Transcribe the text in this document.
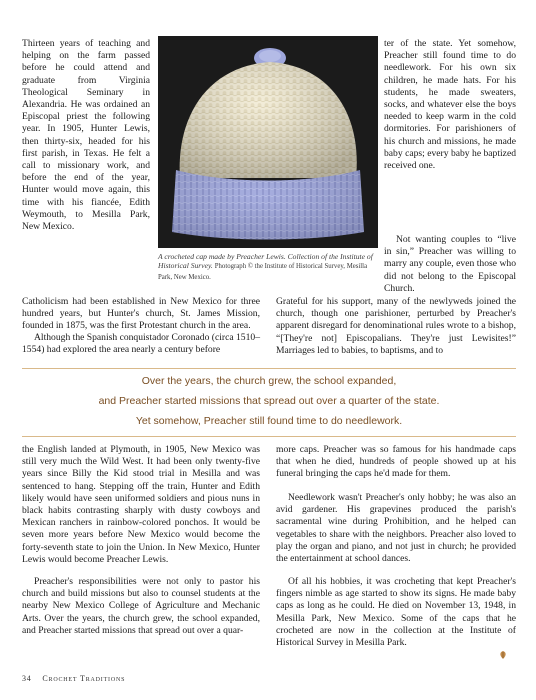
A crocheted cap made by Preacher Lewis. Collection of the Institute of Historical Survey. Photograph © the Institute of Historical Survey, Mesilla Park, New Mexico.

Thirteen years of teaching and helping on the farm passed before he could attend and graduate from Virginia Theological Seminary in Alexandria. He was ordained an Episcopal priest the following year. In 1905, Hunter Lewis, then thirty-six, headed for his first parish, in Texas. He felt a call to missionary work, and before the end of the year, Hunter would move again, this time with his fiancée, Edith Weymouth, to Mesilla Park, New Mexico.

Catholicism had been established in New Mexico for three hundred years, but Hunter's church, St. James Mission, founded in 1875, was the first Protestant church in the area.

Although the Spanish conquistador Coronado (circa 1510–1554) had explored the area nearly a century before

ter of the state. Yet somehow, Preacher still found time to do needlework. For his own six children, he made hats. For his students, he made sweaters, socks, and whatever else the boys needed to keep warm in the cold dormitories. For parishioners of his church and missions, he made baby caps; every baby he baptized received one.

Not wanting couples to “live in sin,” Preacher was willing to marry any couple, even those who did not belong to the Episcopal Church.

Grateful for his support, many of the newlyweds joined the church, though one parishioner, perturbed by Preacher's apparent disregard for denominational rules wrote to a bishop, “[They're not] Episcopalians. They're just Lewisites!” Marriages led to babies, to baptisms, and to

Over the years, the church grew, the school expanded,
and Preacher started missions that spread out over a quarter of the state.
Yet somehow, Preacher still found time to do needlework.

the English landed at Plymouth, in 1905, New Mexico was still very much the Wild West. It had been only twenty-five years since Billy the Kid stood trial in Mesilla and was sentenced to hang. Stepping off the train, Hunter and Edith likely would have seen uniformed soldiers and pious nuns in black habits contrasting sharply with dusty cowboys and Mexican ranchers in rainbow-colored ponchos. It would be seven more years before New Mexico would become the forty-seventh state to join the Union. In New Mexico, Hunter Lewis would become Preacher Lewis.

Preacher's responsibilities were not only to pastor his church and build missions but also to counsel students at the nearby New Mexico College of Agriculture and Mechanic Arts. Over the years, the church grew, the school expanded, and Preacher started missions that spread out over a quar-

more caps. Preacher was so famous for his handmade caps that when he died, hundreds of people showed up at his funeral bringing the caps he'd made for them.

Needlework wasn't Preacher's only hobby; he was also an avid gardener. His grapevines produced the parish's sacramental wine during Prohibition, and he helped can vegetables to share with the neighbors. Preacher also loved to play the organ and piano, and not just in church; he provided the entertainment at school dances.

Of all his hobbies, it was crocheting that kept Preacher's fingers nimble as age started to show its signs. He made baby caps as long as he could. He died on November 13, 1948, in Mesilla Park, New Mexico. Some of the caps that he crocheted are now in the collection at the Institute of Historical Survey in Mesilla Park.

34 Crochet Traditions
